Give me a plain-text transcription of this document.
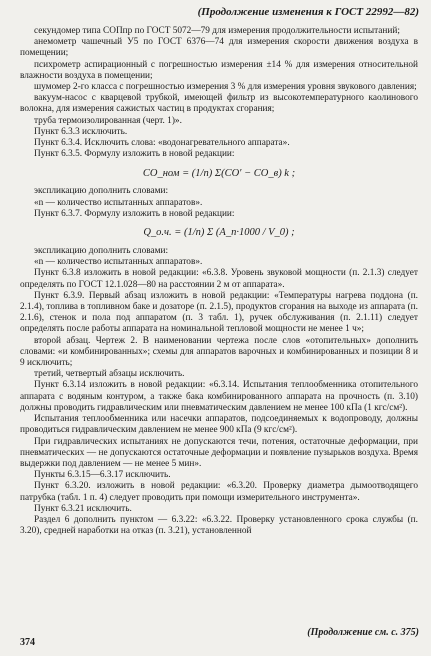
(Продолжение изменения к ГОСТ 22992—82)

секундомер типа СОПпр по ГОСТ 5072—79 для измерения продолжительности испытаний;

анемометр чашечный У5 по ГОСТ 6376—74 для измерения скорости движения воздуха в помещении;

психрометр аспирационный с погрешностью измерения ±14 % для измерения относительной влажности воздуха в помещении;

шумомер 2-го класса с погрешностью измерения 3 % для измерения уровня звукового давления;

вакуум-насос с кварцевой трубкой, имеющей фильтр из высокотемпературного каолинового волокна, для измерения сажистых частиц в продуктах сгорания;

труба термоизолированная (черт. 1)».

Пункт 6.3.3 исключить.

Пункт 6.3.4. Исключить слова: «водонагревательного аппарата».

Пункт 6.3.5. Формулу изложить в новой редакции:

CO_ном = (1/n) Σ(CO′ − CO_в) k ;

экспликацию дополнить словами:

«n — количество испытанных аппаратов».

Пункт 6.3.7. Формулу изложить в новой редакции:

Q_о.ч. = (1/n) Σ (A_n·1000 / V_0) ;

экспликацию дополнить словами:

«n — количество испытанных аппаратов».

Пункт 6.3.8 изложить в новой редакции: «6.3.8. Уровень звуковой мощности (п. 2.1.3) следует определять по ГОСТ 12.1.028—80 на расстоянии 2 м от аппарата».

Пункт 6.3.9. Первый абзац изложить в новой редакции: «Температуры нагрева поддона (п. 2.1.4), топлива в топливном баке и дозаторе (п. 2.1.5), продуктов сгорания на выходе из аппарата (п. 2.1.6), стенок и пола под аппаратом (п. 3 табл. 1), ручек обслуживания (п. 2.1.11) следует определять после работы аппарата на номинальной тепловой мощности не менее 1 ч»;

второй абзац. Чертеж 2. В наименовании чертежа после слов «отопительных» дополнить словами: «и комбинированных»; схемы для аппаратов варочных и комбинированных и позиции 8 и 9 исключить;

третий, четвертый абзацы исключить.

Пункт 6.3.14 изложить в новой редакции: «6.3.14. Испытания теплообменника отопительного аппарата с водяным контуром, а также бака комбинированного аппарата на прочность (п. 3.10) должны проводить гидравлическим или пневматическим давлением не менее 100 кПа (1 кгс/см²).

Испытания теплообменника или насечки аппаратов, подсоединяемых к водопроводу, должны проводиться гидравлическим давлением не менее 900 кПа (9 кгс/см²).

При гидравлических испытаниях не допускаются течи, потения, остаточные деформации, при пневматических — не допускаются остаточные деформации и появление пузырьков воздуха. Время выдержки под давлением — не менее 5 мин».

Пункты 6.3.15—6.3.17 исключить.

Пункт 6.3.20. изложить в новой редакции: «6.3.20. Проверку диаметра дымоотводящего патрубка (табл. 1 п. 4) следует проводить при помощи измерительного инструмента».

Пункт 6.3.21 исключить.

Раздел 6 дополнить пунктом — 6.3.22: «6.3.22. Проверку установленного срока службы (п. 3.20), средней наработки на отказ (п. 3.21), установленной

(Продолжение см. с. 375)
374
